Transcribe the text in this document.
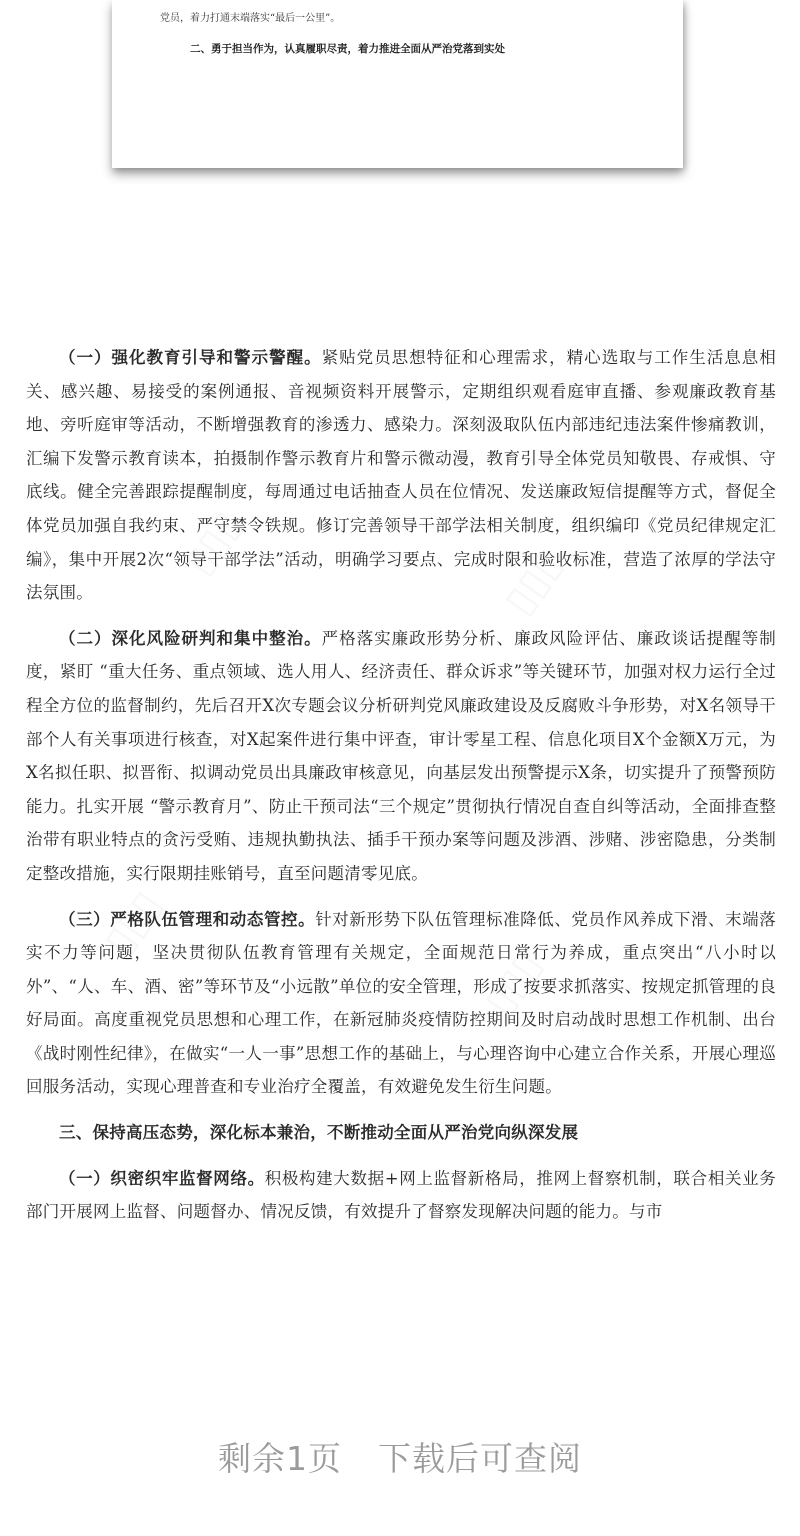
▯▯▯	▯▯▯
▯▯▯
▯▯▯
党员，着力打通末端落实“最后一公里”。
二、勇于担当作为，认真履职尽责，着力推进全面从严治党落到实处

（一）强化教育引导和警示警醒。紧贴党员思想特征和心理需求，精心选取与工作生活息息相关、感兴趣、易接受的案例通报、音视频资料开展警示，定期组织观看庭审直播、参观廉政教育基地、旁听庭审等活动，不断增强教育的渗透力、感染力。深刻汲取队伍内部违纪违法案件惨痛教训，汇编下发警示教育读本，拍摄制作警示教育片和警示微动漫，教育引导全体党员知敬畏、存戒惧、守底线。健全完善跟踪提醒制度，每周通过电话抽查人员在位情况、发送廉政短信提醒等方式，督促全体党员加强自我约束、严守禁令铁规。修订完善领导干部学法相关制度，组织编印《党员纪律规定汇编》，集中开展2次“领导干部学法”活动，明确学习要点、完成时限和验收标准，营造了浓厚的学法守法氛围。

（二）深化风险研判和集中整治。严格落实廉政形势分析、廉政风险评估、廉政谈话提醒等制度，紧盯 “重大任务、重点领域、选人用人、经济责任、群众诉求”等关键环节，加强对权力运行全过程全方位的监督制约，先后召开X次专题会议分析研判党风廉政建设及反腐败斗争形势，对X名领导干部个人有关事项进行核查，对X起案件进行集中评查，审计零星工程、信息化项目X个金额X万元，为X名拟任职、拟晋衔、拟调动党员出具廉政审核意见，向基层发出预警提示X条，切实提升了预警预防能力。扎实开展 “警示教育月”、防止干预司法“三个规定”贯彻执行情况自查自纠等活动，全面排查整治带有职业特点的贪污受贿、违规执勤执法、插手干预办案等问题及涉酒、涉赌、涉密隐患，分类制定整改措施，实行限期挂账销号，直至问题清零见底。

（三）严格队伍管理和动态管控。针对新形势下队伍管理标准降低、党员作风养成下滑、末端落实不力等问题，坚决贯彻队伍教育管理有关规定，全面规范日常行为养成，重点突出“八小时以外”、“人、车、酒、密”等环节及“小远散”单位的安全管理，形成了按要求抓落实、按规定抓管理的良好局面。高度重视党员思想和心理工作，在新冠肺炎疫情防控期间及时启动战时思想工作机制、出台《战时刚性纪律》，在做实“一人一事”思想工作的基础上，与心理咨询中心建立合作关系，开展心理巡回服务活动，实现心理普查和专业治疗全覆盖，有效避免发生衍生问题。

三、保持高压态势，深化标本兼治，不断推动全面从严治党向纵深发展

（一）织密织牢监督网络。积极构建大数据+网上监督新格局，推网上督察机制，联合相关业务部门开展网上监督、问题督办、情况反馈，有效提升了督察发现解决问题的能力。与市

剩余1页 下载后可查阅
